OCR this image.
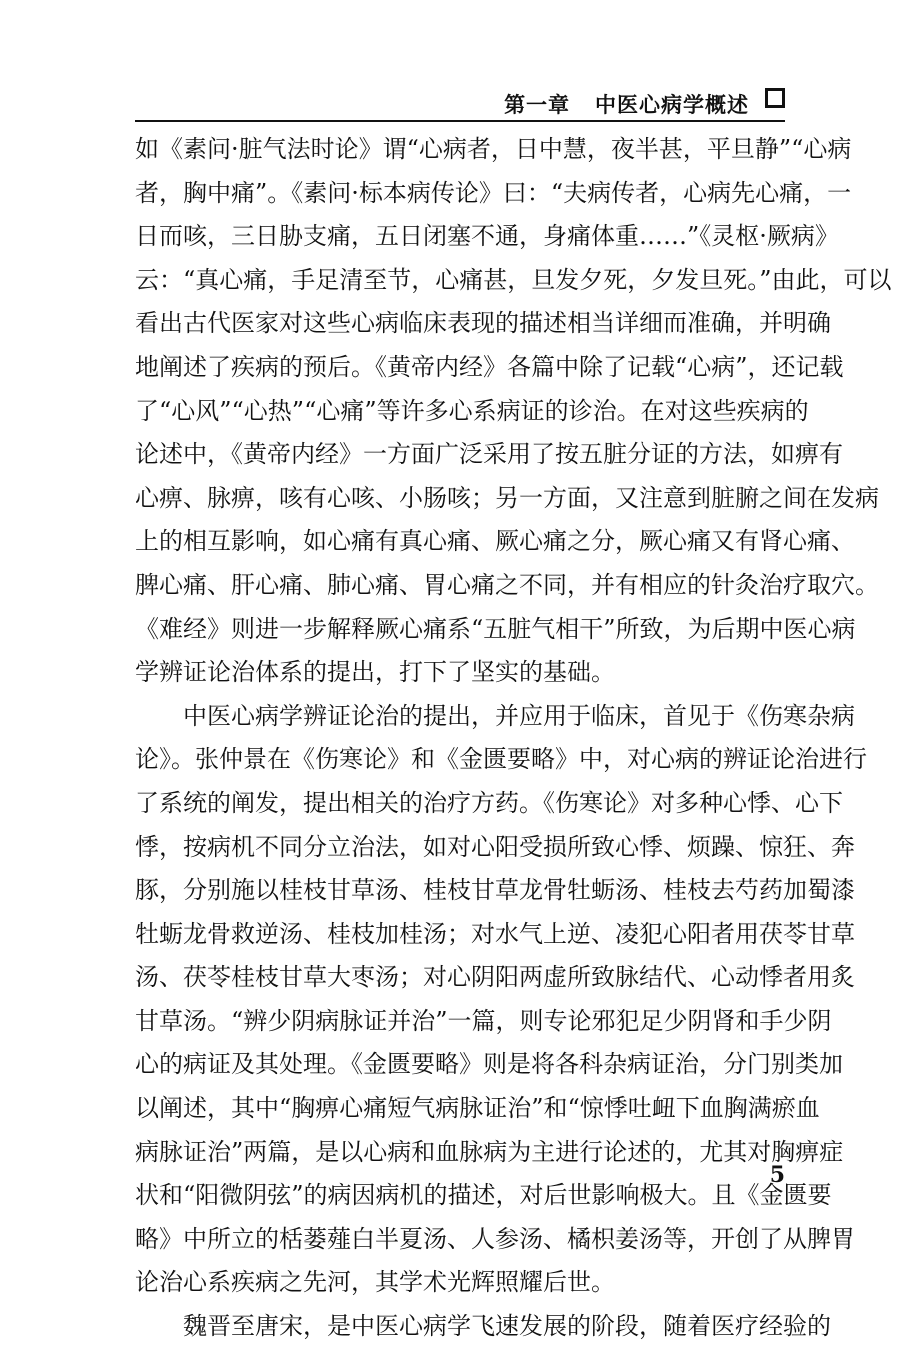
第一章 中医心病学概述
如《素问·脏气法时论》谓“心病者，日中慧，夜半甚，平旦静”“心病
者，胸中痛”。《素问·标本病传论》曰：“夫病传者，心病先心痛，一
日而咳，三日胁支痛，五日闭塞不通，身痛体重……”《灵枢·厥病》
云：“真心痛，手足清至节，心痛甚，旦发夕死，夕发旦死。”由此，可以
看出古代医家对这些心病临床表现的描述相当详细而准确，并明确
地阐述了疾病的预后。《黄帝内经》各篇中除了记载“心病”，还记载
了“心风”“心热”“心痛”等许多心系病证的诊治。在对这些疾病的
论述中，《黄帝内经》一方面广泛采用了按五脏分证的方法，如痹有
心痹、脉痹，咳有心咳、小肠咳；另一方面，又注意到脏腑之间在发病
上的相互影响，如心痛有真心痛、厥心痛之分，厥心痛又有肾心痛、
脾心痛、肝心痛、肺心痛、胃心痛之不同，并有相应的针灸治疗取穴。
《难经》则进一步解释厥心痛系“五脏气相干”所致，为后期中医心病
学辨证论治体系的提出，打下了坚实的基础。
中医心病学辨证论治的提出，并应用于临床，首见于《伤寒杂病
论》。张仲景在《伤寒论》和《金匮要略》中，对心病的辨证论治进行
了系统的阐发，提出相关的治疗方药。《伤寒论》对多种心悸、心下
悸，按病机不同分立治法，如对心阳受损所致心悸、烦躁、惊狂、奔
豚，分别施以桂枝甘草汤、桂枝甘草龙骨牡蛎汤、桂枝去芍药加蜀漆
牡蛎龙骨救逆汤、桂枝加桂汤；对水气上逆、凌犯心阳者用茯苓甘草
汤、茯苓桂枝甘草大枣汤；对心阴阳两虚所致脉结代、心动悸者用炙
甘草汤。“辨少阴病脉证并治”一篇，则专论邪犯足少阴肾和手少阴
心的病证及其处理。《金匮要略》则是将各科杂病证治，分门别类加
以阐述，其中“胸痹心痛短气病脉证治”和“惊悸吐衄下血胸满瘀血
病脉证治”两篇，是以心病和血脉病为主进行论述的，尤其对胸痹症
状和“阳微阴弦”的病因病机的描述，对后世影响极大。且《金匮要
略》中所立的栝蒌薤白半夏汤、人参汤、橘枳姜汤等，开创了从脾胃
论治心系疾病之先河，其学术光辉照耀后世。
魏晋至唐宋，是中医心病学飞速发展的阶段，随着医疗经验的
5
